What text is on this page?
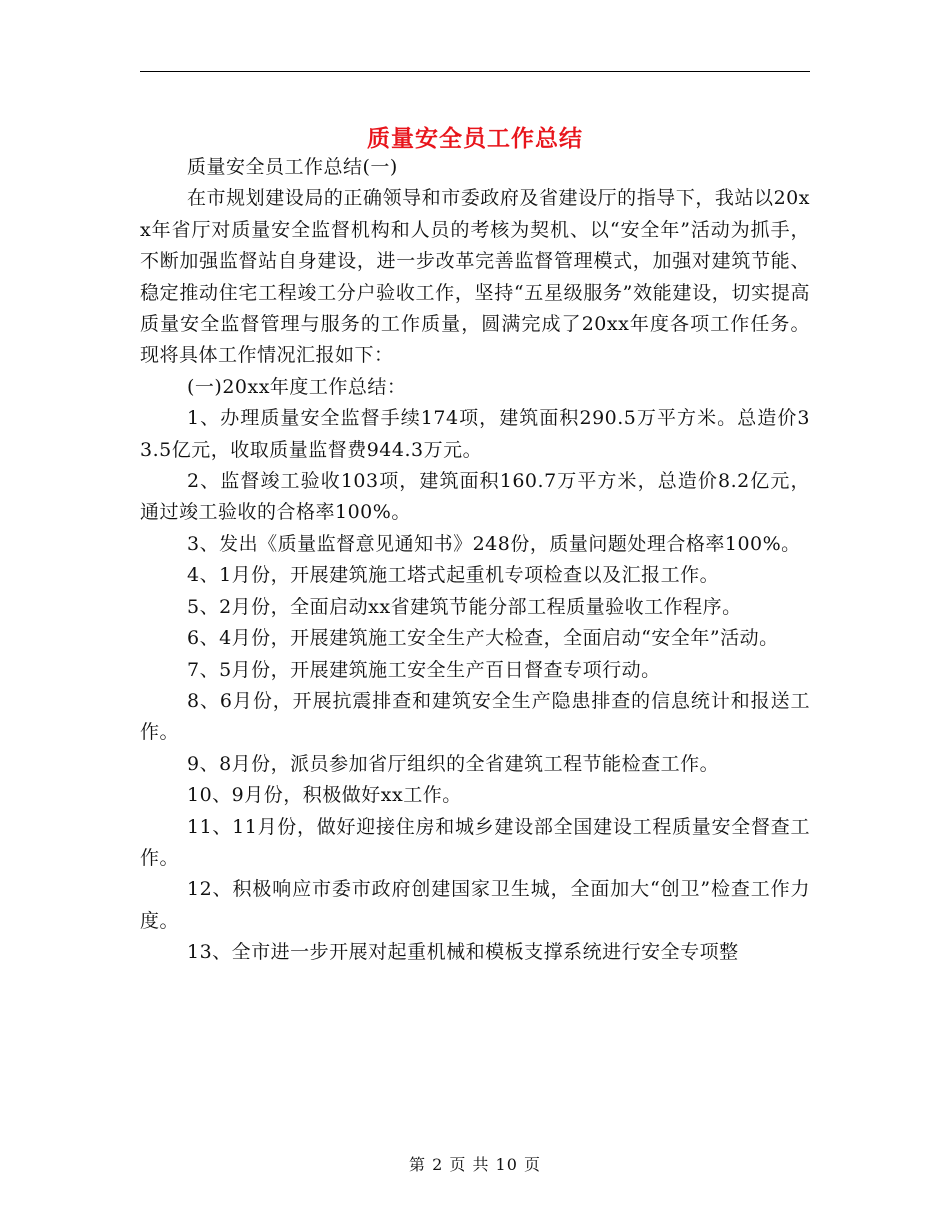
质量安全员工作总结

质量安全员工作总结(一)

在市规划建设局的正确领导和市委政府及省建设厅的指导下，我站以20xx年省厅对质量安全监督机构和人员的考核为契机、以“安全年”活动为抓手，不断加强监督站自身建设，进一步改革完善监督管理模式，加强对建筑节能、稳定推动住宅工程竣工分户验收工作，坚持“五星级服务”效能建设，切实提高质量安全监督管理与服务的工作质量，圆满完成了20xx年度各项工作任务。现将具体工作情况汇报如下：

(一)20xx年度工作总结：

1、办理质量安全监督手续174项，建筑面积290.5万平方米。总造价33.5亿元，收取质量监督费944.3万元。

2、监督竣工验收103项，建筑面积160.7万平方米，总造价8.2亿元，通过竣工验收的合格率100%。

3、发出《质量监督意见通知书》248份，质量问题处理合格率100%。

4、1月份，开展建筑施工塔式起重机专项检查以及汇报工作。

5、2月份，全面启动xx省建筑节能分部工程质量验收工作程序。

6、4月份，开展建筑施工安全生产大检查，全面启动“安全年”活动。

7、5月份，开展建筑施工安全生产百日督查专项行动。

8、6月份，开展抗震排查和建筑安全生产隐患排查的信息统计和报送工作。

9、8月份，派员参加省厅组织的全省建筑工程节能检查工作。

10、9月份，积极做好xx工作。

11、11月份，做好迎接住房和城乡建设部全国建设工程质量安全督查工作。

12、积极响应市委市政府创建国家卫生城，全面加大“创卫”检查工作力度。

13、全市进一步开展对起重机械和模板支撑系统进行安全专项整

第 2 页 共 10 页
